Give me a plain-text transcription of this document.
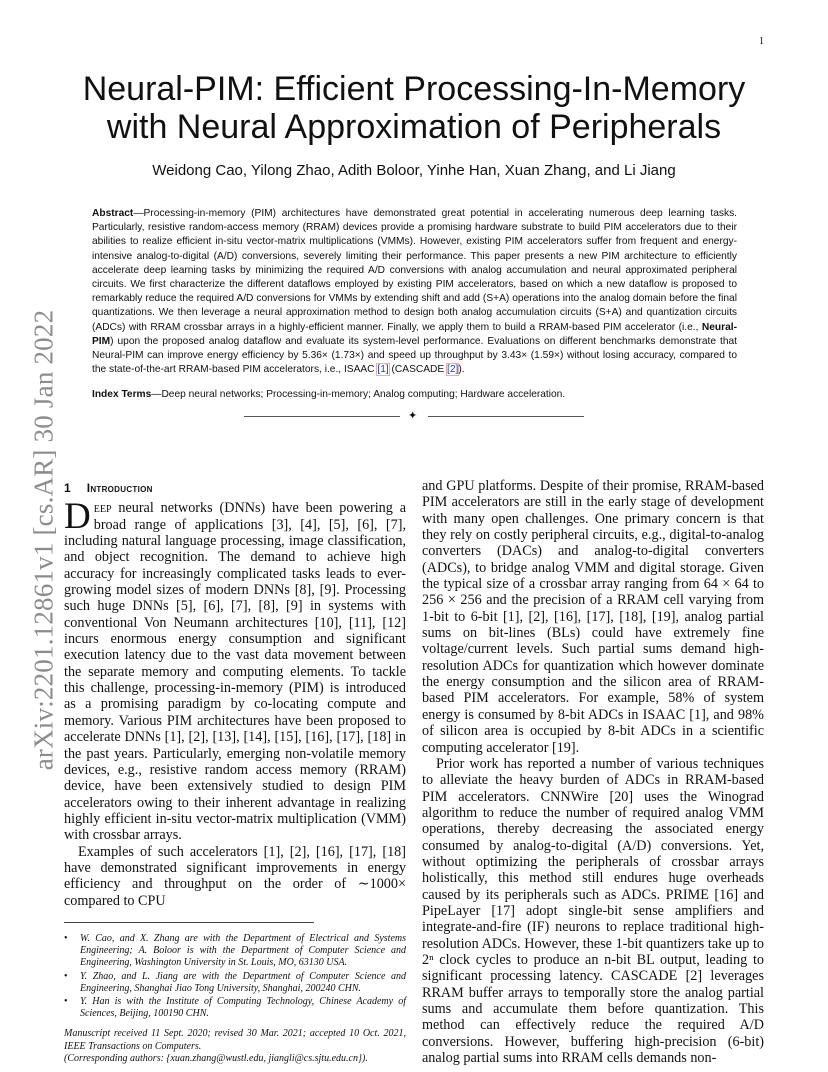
1
arXiv:2201.12861v1 [cs.AR] 30 Jan 2022
Neural-PIM: Efficient Processing-In-Memory with Neural Approximation of Peripherals
Weidong Cao, Yilong Zhao, Adith Boloor, Yinhe Han, Xuan Zhang, and Li Jiang
Abstract—Processing-in-memory (PIM) architectures have demonstrated great potential in accelerating numerous deep learning tasks. Particularly, resistive random-access memory (RRAM) devices provide a promising hardware substrate to build PIM accelerators due to their abilities to realize efficient in-situ vector-matrix multiplications (VMMs). However, existing PIM accelerators suffer from frequent and energy-intensive analog-to-digital (A/D) conversions, severely limiting their performance. This paper presents a new PIM architecture to efficiently accelerate deep learning tasks by minimizing the required A/D conversions with analog accumulation and neural approximated peripheral circuits. We first characterize the different dataflows employed by existing PIM accelerators, based on which a new dataflow is proposed to remarkably reduce the required A/D conversions for VMMs by extending shift and add (S+A) operations into the analog domain before the final quantizations. We then leverage a neural approximation method to design both analog accumulation circuits (S+A) and quantization circuits (ADCs) with RRAM crossbar arrays in a highly-efficient manner. Finally, we apply them to build a RRAM-based PIM accelerator (i.e., Neural-PIM) upon the proposed analog dataflow and evaluate its system-level performance. Evaluations on different benchmarks demonstrate that Neural-PIM can improve energy efficiency by 5.36× (1.73×) and speed up throughput by 3.43× (1.59×) without losing accuracy, compared to the state-of-the-art RRAM-based PIM accelerators, i.e., ISAAC [1] (CASCADE [2]).
Index Terms—Deep neural networks; Processing-in-memory; Analog computing; Hardware acceleration.
✦
1 Introduction

Deep neural networks (DNNs) have been powering a broad range of applications [3], [4], [5], [6], [7], including natural language processing, image classification, and object recognition. The demand to achieve high accuracy for increasingly complicated tasks leads to ever-growing model sizes of modern DNNs [8], [9]. Processing such huge DNNs [5], [6], [7], [8], [9] in systems with conventional Von Neumann architectures [10], [11], [12] incurs enormous energy consumption and significant execution latency due to the vast data movement between the separate memory and computing elements. To tackle this challenge, processing-in-memory (PIM) is introduced as a promising paradigm by co-locating compute and memory. Various PIM architectures have been proposed to accelerate DNNs [1], [2], [13], [14], [15], [16], [17], [18] in the past years. Particularly, emerging non-volatile memory devices, e.g., resistive random access memory (RRAM) device, have been extensively studied to design PIM accelerators owing to their inherent advantage in realizing highly efficient in-situ vector-matrix multiplication (VMM) with crossbar arrays.

Examples of such accelerators [1], [2], [16], [17], [18] have demonstrated significant improvements in energy efficiency and throughput on the order of ∼1000× compared to CPU

• W. Cao, and X. Zhang are with the Department of Electrical and Systems Engineering; A. Boloor is with the Department of Computer Science and Engineering, Washington University in St. Louis, MO, 63130 USA.
• Y. Zhao, and L. Jiang are with the Department of Computer Science and Engineering, Shanghai Jiao Tong University, Shanghai, 200240 CHN.
• Y. Han is with the Institute of Computing Technology, Chinese Academy of Sciences, Beijing, 100190 CHN.
Manuscript received 11 Sept. 2020; revised 30 Mar. 2021; accepted 10 Oct. 2021, IEEE Transactions on Computers.
(Corresponding authors: {xuan.zhang@wustl.edu, jiangli@cs.sjtu.edu.cn}).

and GPU platforms. Despite of their promise, RRAM-based PIM accelerators are still in the early stage of development with many open challenges. One primary concern is that they rely on costly peripheral circuits, e.g., digital-to-analog converters (DACs) and analog-to-digital converters (ADCs), to bridge analog VMM and digital storage. Given the typical size of a crossbar array ranging from 64 × 64 to 256 × 256 and the precision of a RRAM cell varying from 1-bit to 6-bit [1], [2], [16], [17], [18], [19], analog partial sums on bit-lines (BLs) could have extremely fine voltage/current levels. Such partial sums demand high-resolution ADCs for quantization which however dominate the energy consumption and the silicon area of RRAM-based PIM accelerators. For example, 58% of system energy is consumed by 8-bit ADCs in ISAAC [1], and 98% of silicon area is occupied by 8-bit ADCs in a scientific computing accelerator [19].

Prior work has reported a number of various techniques to alleviate the heavy burden of ADCs in RRAM-based PIM accelerators. CNNWire [20] uses the Winograd algorithm to reduce the number of required analog VMM operations, thereby decreasing the associated energy consumed by analog-to-digital (A/D) conversions. Yet, without optimizing the peripherals of crossbar arrays holistically, this method still endures huge overheads caused by its peripherals such as ADCs. PRIME [16] and PipeLayer [17] adopt single-bit sense amplifiers and integrate-and-fire (IF) neurons to replace traditional high-resolution ADCs. However, these 1-bit quantizers take up to 2ⁿ clock cycles to produce an n-bit BL output, leading to significant processing latency. CASCADE [2] leverages RRAM buffer arrays to temporally store the analog partial sums and accumulate them before quantization. This method can effectively reduce the required A/D conversions. However, buffering high-precision (6-bit) analog partial sums into RRAM cells demands non-
